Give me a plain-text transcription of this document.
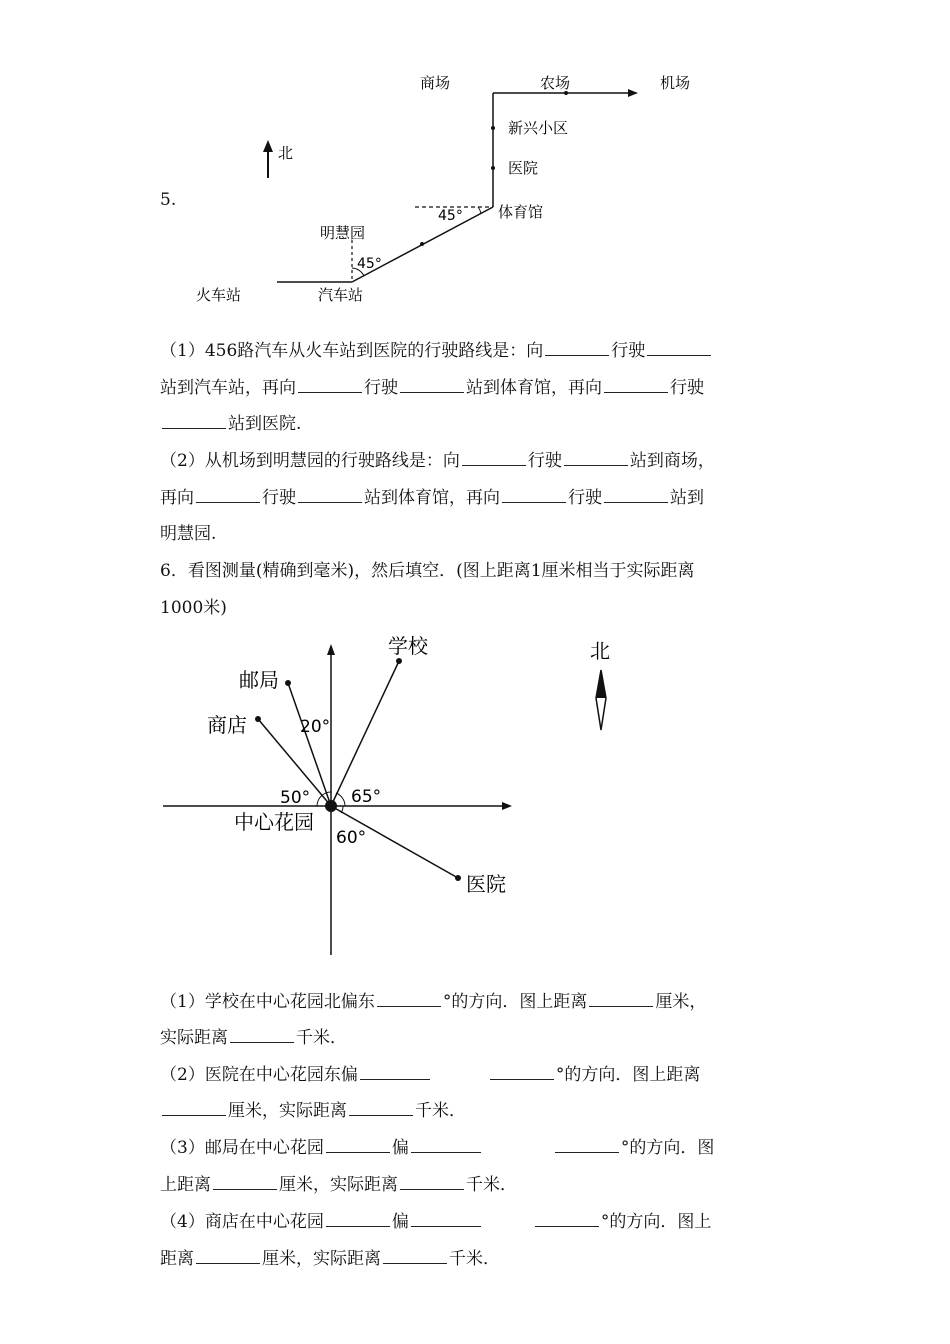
5.
北
商场	农场	机场
新兴小区
医院
体育馆
45°
明慧园
45°
火车站	汽车站
（1）456路汽车从火车站到医院的行驶路线是：向	行驶
站到汽车站，再向	行驶	站到体育馆，再向	行驶
站到医院.
（2）从机场到明慧园的行驶路线是：向	行驶	站到商场，
再向	行驶	站到体育馆，再向	行驶	站到
明慧园.
6．看图测量(精确到毫米)，然后填空．(图上距离1厘米相当于实际距离
1000米)
学校
邮局
商店	20°
50° 65°
60°
中心花园
医院
北
（1）学校在中心花园北偏东	°的方向．图上距离	厘米，
实际距离	千米．
（2）医院在中心花园东偏	°的方向．图上距离
厘米，实际距离	千米．
（3）邮局在中心花园	偏	°的方向．图
上距离	厘米，实际距离	千米．
（4）商店在中心花园	偏	°的方向．图上
距离	厘米，实际距离	千米．
